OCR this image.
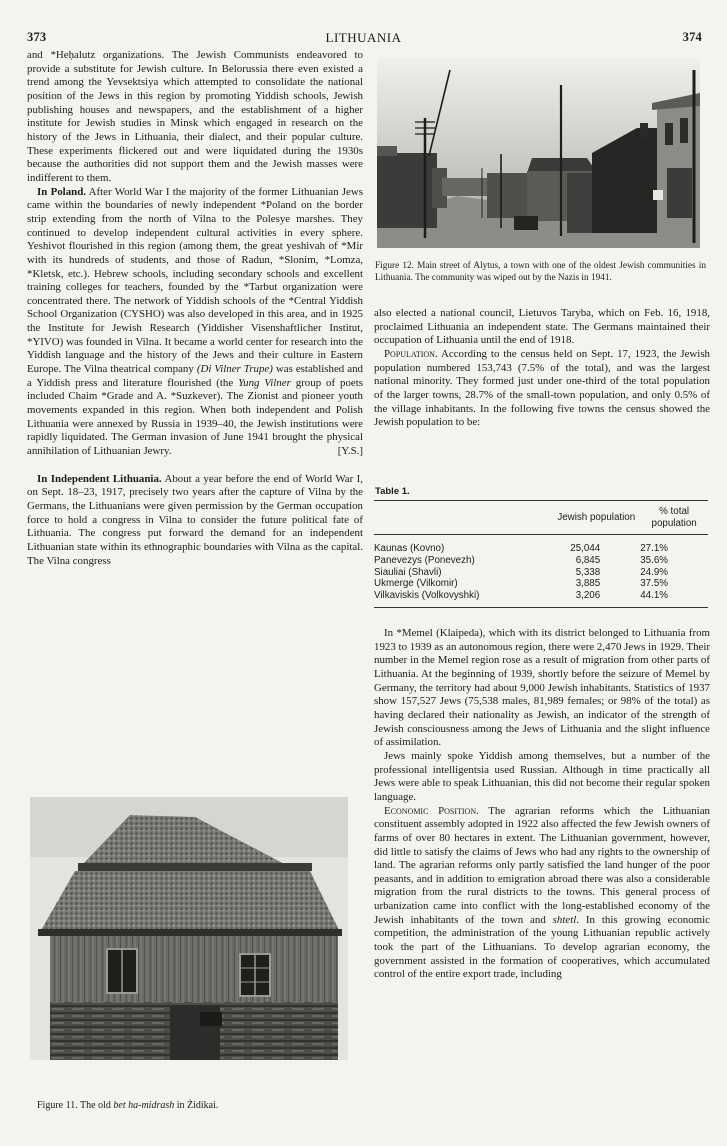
373	LITHUANIA	374

and *Heḥalutz organizations. The Jewish Communists endeavored to provide a substitute for Jewish culture. In Belorussia there even existed a trend among the Yevsektsiya which attempted to consolidate the national position of the Jews in this region by promoting Yiddish schools, Jewish publishing houses and newspapers, and the establishment of a higher institute for Jewish studies in Minsk which engaged in research on the history of the Jews in Lithuania, their dialect, and their popular culture. These experiments flickered out and were liquidated during the 1930s because the authorities did not support them and the Jewish masses were indifferent to them.

In Poland. After World War I the majority of the former Lithuanian Jews came within the boundaries of newly independent *Poland on the border strip extending from the north of Vilna to the Polesye marshes. They continued to develop independent cultural activities in every sphere. Yeshivot flourished in this region (among them, the great yeshivah of *Mir with its hundreds of students, and those of Radun, *Slonim, *Lomza, *Kletsk, etc.). Hebrew schools, including secondary schools and excellent training colleges for teachers, founded by the *Tarbut organization were concentrated there. The network of Yiddish schools of the *Central Yiddish School Organization (CYSHO) was also developed in this area, and in 1925 the Institute for Jewish Research (Yiddisher Visenshaftlicher Institut, *YIVO) was founded in Vilna. It became a world center for research into the Yiddish language and the history of the Jews and their culture in Eastern Europe. The Vilna theatrical company (Di Vilner Trupe) was established and a Yiddish press and literature flourished (the Yung Vilner group of poets included Chaim *Grade and A. *Suzkever). The Zionist and pioneer youth movements expanded in this region. When both independent and Polish Lithuania were annexed by Russia in 1939–40, the Jewish institutions were rapidly liquidated. The German invasion of June 1941 brought the physical annihilation of Lithuanian Jewry.	[Y.S.]

In Independent Lithuania. About a year before the end of World War I, on Sept. 18–23, 1917, precisely two years after the capture of Vilna by the Germans, the Lithuanians were given permission by the German occupation force to hold a congress in Vilna to consider the future political fate of Lithuania. The congress put forward the demand for an independent Lithuanian state within its ethnographic boundaries with Vilna as the capital. The Vilna congress

Figure 11. The old bet ha-midrash in Żidikai.
Figure 12. Main street of Alytus, a town with one of the oldest Jewish communities in Lithuania. The community was wiped out by the Nazis in 1941.

also elected a national council, Lietuvos Taryba, which on Feb. 16, 1918, proclaimed Lithuania an independent state. The Germans maintained their occupation of Lithuania until the end of 1918.

Population. According to the census held on Sept. 17, 1923, the Jewish population numbered 153,743 (7.5% of the total), and was the largest national minority. They formed just under one-third of the total population of the larger towns, 28.7% of the small-town population, and only 0.5% of the village inhabitants. In the following five towns the census showed the Jewish population to be:

Table 1.
	Jewish population	% total population
Kaunas (Kovno)	25,044	27.1%
Panevezys (Ponevezh)	6,845	35.6%
Siauliai (Shavli)	5,338	24.9%
Ukmerge (Vilkomir)	3,885	37.5%
Vilkaviskis (Volkovyshki)	3,206	44.1%

In *Memel (Klaipeda), which with its district belonged to Lithuania from 1923 to 1939 as an autonomous region, there were 2,470 Jews in 1929. Their number in the Memel region rose as a result of migration from other parts of Lithuania. At the beginning of 1939, shortly before the seizure of Memel by Germany, the territory had about 9,000 Jewish inhabitants. Statistics of 1937 show 157,527 Jews (75,538 males, 81,989 females; or 98% of the total) as having declared their nationality as Jewish, an indicator of the strength of Jewish consciousness among the Jews of Lithuania and the slight influence of assimilation.

Jews mainly spoke Yiddish among themselves, but a number of the professional intelligentsia used Russian. Although in time practically all Jews were able to speak Lithuanian, this did not become their regular spoken language.

Economic Position. The agrarian reforms which the Lithuanian constituent assembly adopted in 1922 also affected the few Jewish owners of farms of over 80 hectares in extent. The Lithuanian government, however, did little to satisfy the claims of Jews who had any rights to the ownership of land. The agrarian reforms only partly satisfied the land hunger of the poor peasants, and in addition to emigration abroad there was also a considerable migration from the rural districts to the towns. This general process of urbanization came into conflict with the long-established economy of the Jewish inhabitants of the town and shtetl. In this growing economic competition, the administration of the young Lithuanian republic actively took the part of the Lithuanians. To develop agrarian economy, the government assisted in the formation of cooperatives, which accumulated control of the entire export trade, including
